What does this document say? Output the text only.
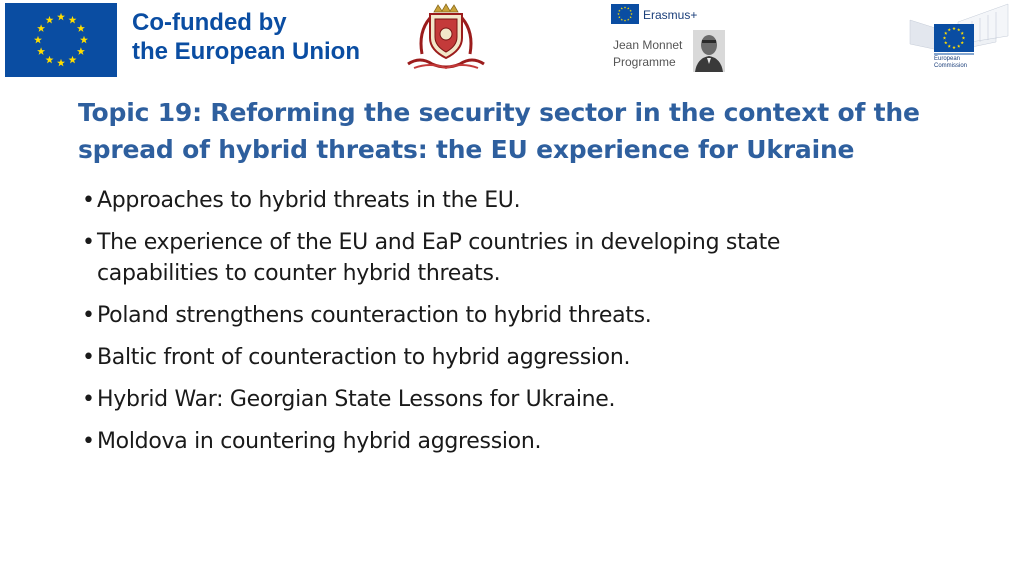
Co-funded by
the European Union
Erasmus+
Jean Monnet
Programme	European
Commission
Topic 19: Reforming the security sector in the context of the
spread of hybrid threats: the EU experience for Ukraine
• Approaches to hybrid threats in the EU.
• The experience of the EU and EaP countries in developing state capabilities to counter hybrid threats.
• Poland strengthens counteraction to hybrid threats.
• Baltic front of counteraction to hybrid aggression.
• Hybrid War: Georgian State Lessons for Ukraine.
• Moldova in countering hybrid aggression.
